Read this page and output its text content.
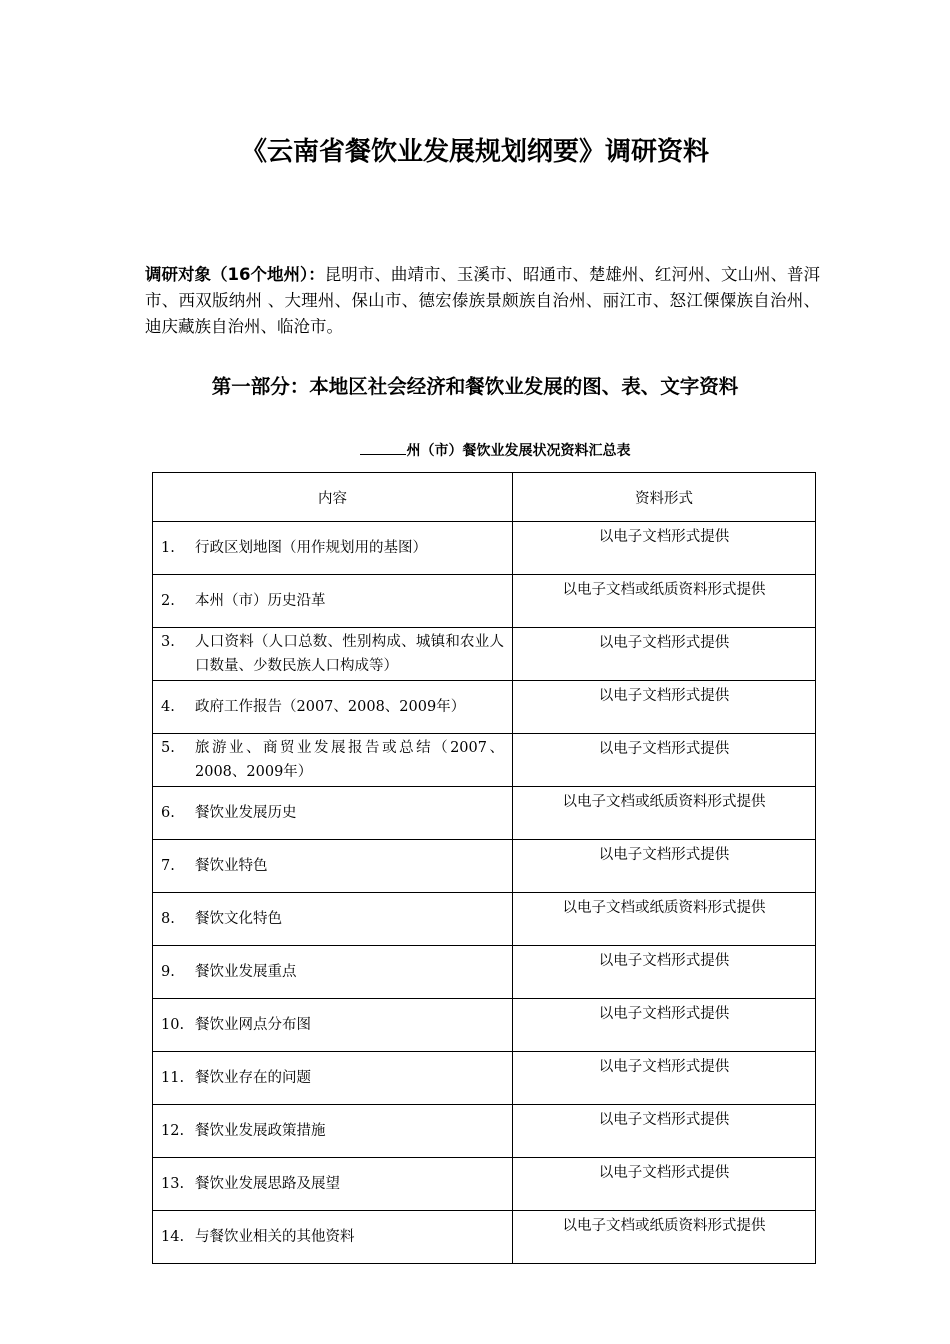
《云南省餐饮业发展规划纲要》调研资料

调研对象（16个地州）：昆明市、曲靖市、玉溪市、昭通市、楚雄州、红河州、文山州、普洱市、西双版纳州 、大理州、保山市、德宏傣族景颇族自治州、丽江市、怒江傈僳族自治州、迪庆藏族自治州、临沧市。

第一部分：本地区社会经济和餐饮业发展的图、表、文字资料

州（市）餐饮业发展状况资料汇总表

内容	资料形式

1. 行政区划地图（用作规划用的基图）	以电子文档形式提供

2. 本州（市）历史沿革	以电子文档或纸质资料形式提供

3. 人口资料（人口总数、性别构成、城镇和农业人口数量、少数民族人口构成等）	以电子文档形式提供

4. 政府工作报告（2007、2008、2009年）	以电子文档形式提供

5. 旅游业、商贸业发展报告或总结（2007、2008、2009年）	以电子文档形式提供

6. 餐饮业发展历史	以电子文档或纸质资料形式提供

7. 餐饮业特色	以电子文档形式提供

8. 餐饮文化特色	以电子文档或纸质资料形式提供

9. 餐饮业发展重点	以电子文档形式提供

10. 餐饮业网点分布图	以电子文档形式提供

11. 餐饮业存在的问题	以电子文档形式提供

12. 餐饮业发展政策措施	以电子文档形式提供

13. 餐饮业发展思路及展望	以电子文档形式提供

14. 与餐饮业相关的其他资料	以电子文档或纸质资料形式提供
